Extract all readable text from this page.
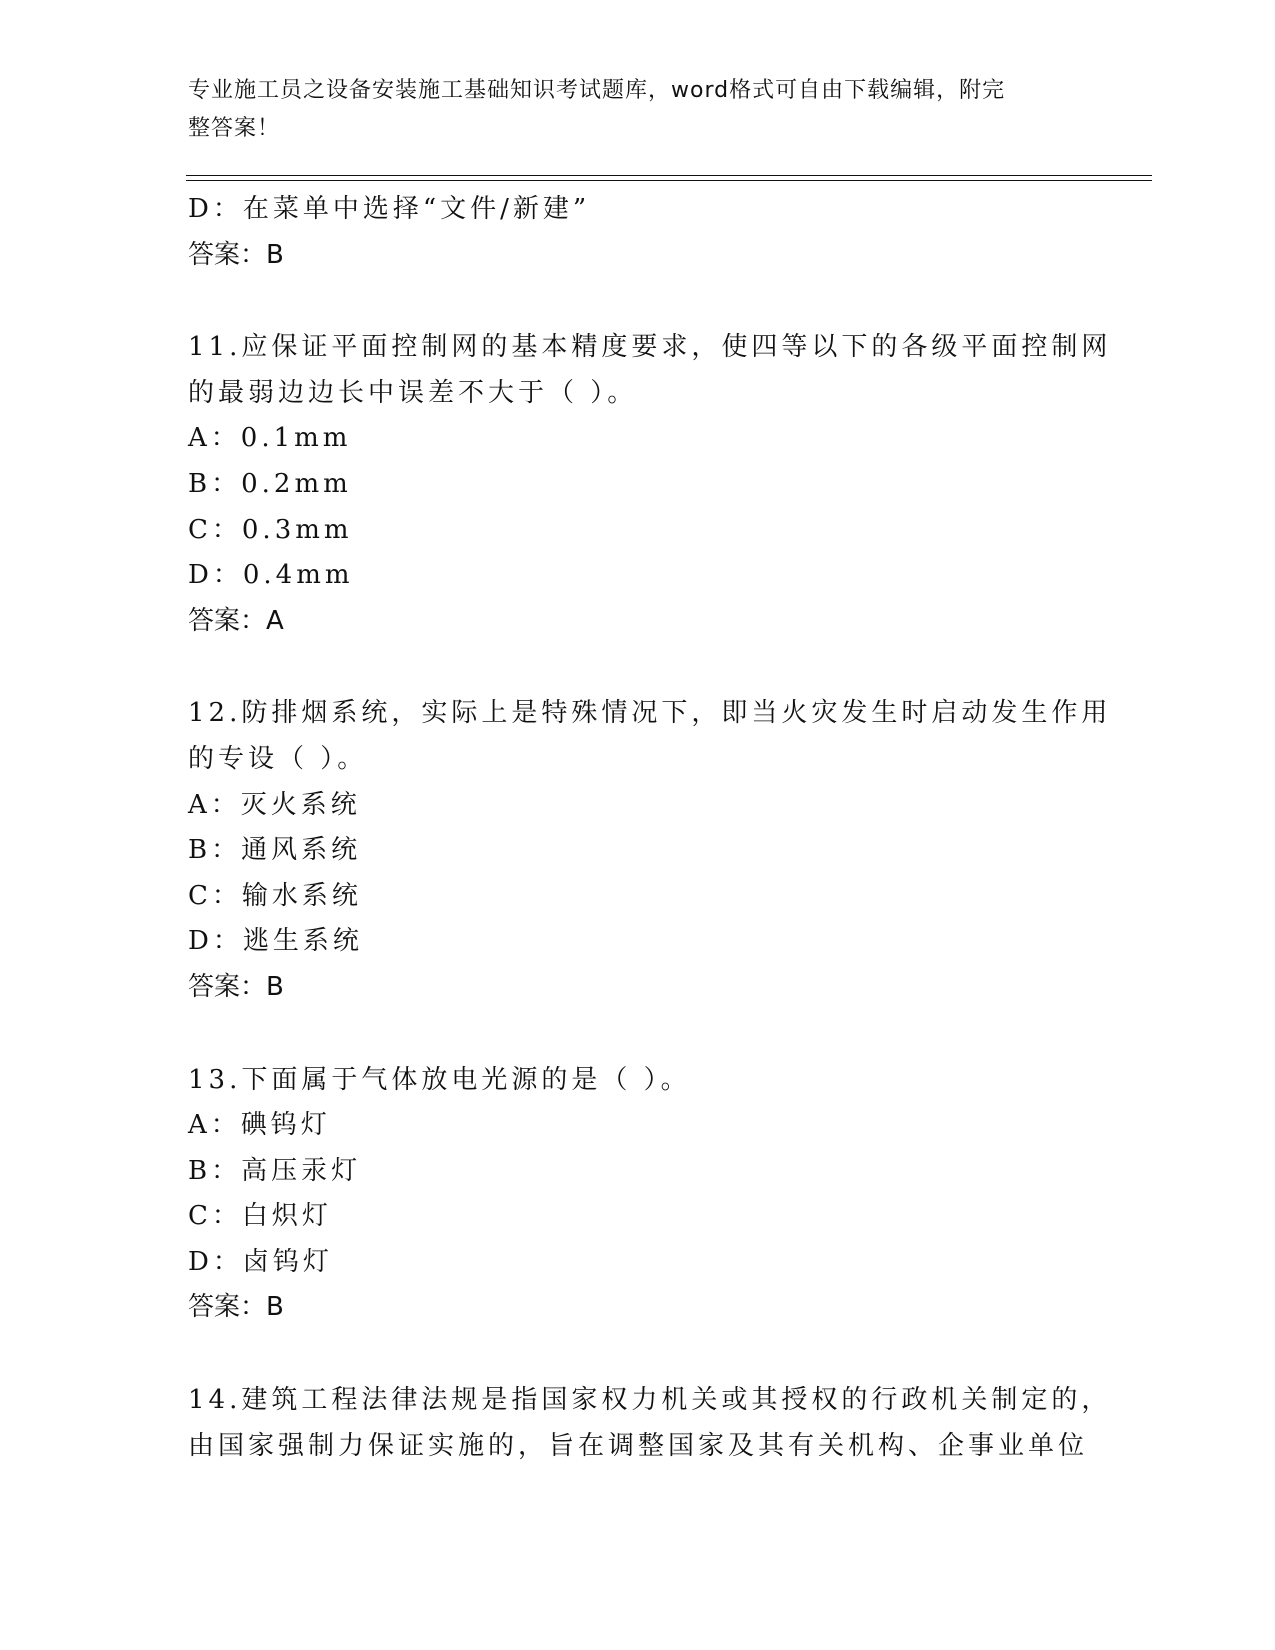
专业施工员之设备安装施工基础知识考试题库，word格式可自由下载编辑，附完
整答案！
D：在菜单中选择“文件/新建”
答案：B
11.应保证平面控制网的基本精度要求，使四等以下的各级平面控制网
的最弱边边长中误差不大于（ ）。
A：0.1mm
B：0.2mm
C：0.3mm
D：0.4mm
答案：A
12.防排烟系统，实际上是特殊情况下，即当火灾发生时启动发生作用
的专设（ ）。
A：灭火系统
B：通风系统
C：输水系统
D：逃生系统
答案：B
13.下面属于气体放电光源的是（ ）。
A：碘钨灯
B：高压汞灯
C：白炽灯
D：卤钨灯
答案：B
14.建筑工程法律法规是指国家权力机关或其授权的行政机关制定的，
由国家强制力保证实施的，旨在调整国家及其有关机构、企事业单位
